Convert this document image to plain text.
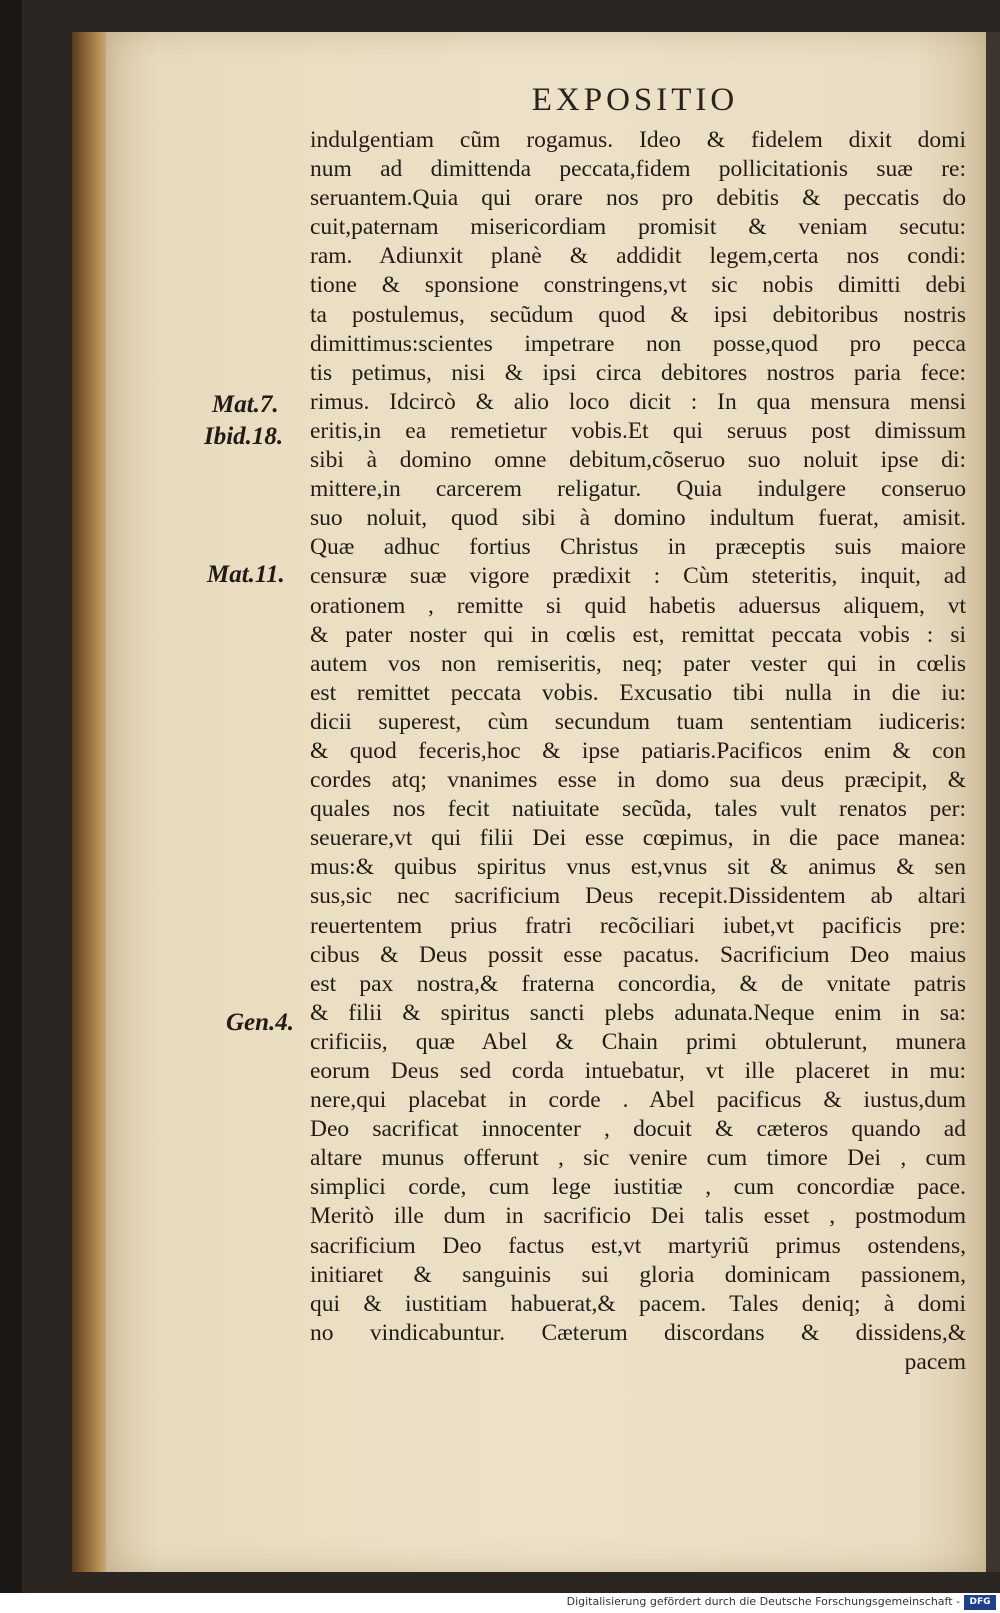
EXPOSITIO
Mat.7.
Ibid.18.
Mat.11.
Gen.4.
indulgentiam cũm rogamus. Ideo & fidelem dixit domi
num ad dimittenda peccata,fidem pollicitationis suæ re:
seruantem.Quia qui orare nos pro debitis & peccatis do
cuit,paternam misericordiam promisit & veniam secutu:
ram. Adiunxit planè & addidit legem,certa nos condi:
tione & sponsione constringens,vt sic nobis dimitti debi
ta postulemus, secũdum quod & ipsi debitoribus nostris
dimittimus:scientes impetrare non posse,quod pro pecca
tis petimus, nisi & ipsi circa debitores nostros paria fece:
rimus. Idcircò & alio loco dicit : In qua mensura mensi
eritis,in ea remetietur vobis.Et qui seruus post dimissum
sibi à domino omne debitum,cõseruo suo noluit ipse di:
mittere,in carcerem religatur. Quia indulgere conseruo
suo noluit, quod sibi à domino indultum fuerat, amisit.
Quæ adhuc fortius Christus in præceptis suis maiore
censuræ suæ vigore prædixit : Cùm steteritis, inquit, ad
orationem , remitte si quid habetis aduersus aliquem, vt
& pater noster qui in cœlis est, remittat peccata vobis : si
autem vos non remiseritis, neq; pater vester qui in cœlis
est remittet peccata vobis. Excusatio tibi nulla in die iu:
dicii superest, cùm secundum tuam sententiam iudiceris:
& quod feceris,hoc & ipse patiaris.Pacificos enim & con
cordes atq; vnanimes esse in domo sua deus præcipit, &
quales nos fecit natiuitate secũda, tales vult renatos per:
seuerare,vt qui filii Dei esse cœpimus, in die pace manea:
mus:& quibus spiritus vnus est,vnus sit & animus & sen
sus,sic nec sacrificium Deus recepit.Dissidentem ab altari
reuertentem prius fratri recõciliari iubet,vt pacificis pre:
cibus & Deus possit esse pacatus. Sacrificium Deo maius
est pax nostra,& fraterna concordia, & de vnitate patris
& filii & spiritus sancti plebs adunata.Neque enim in sa:
crificiis, quæ Abel & Chain primi obtulerunt, munera
eorum Deus sed corda intuebatur, vt ille placeret in mu:
nere,qui placebat in corde . Abel pacificus & iustus,dum
Deo sacrificat innocenter , docuit & cæteros quando ad
altare munus offerunt , sic venire cum timore Dei , cum
simplici corde, cum lege iustitiæ , cum concordiæ pace.
Meritò ille dum in sacrificio Dei talis esset , postmodum
sacrificium Deo factus est,vt martyriũ primus ostendens,
initiaret & sanguinis sui gloria dominicam passionem,
qui & iustitiam habuerat,& pacem. Tales deniq; à domi
no vindicabuntur. Cæterum discordans & dissidens,&
pacem
Digitalisierung gefördert durch die Deutsche Forschungsgemeinschaft -	DFG
